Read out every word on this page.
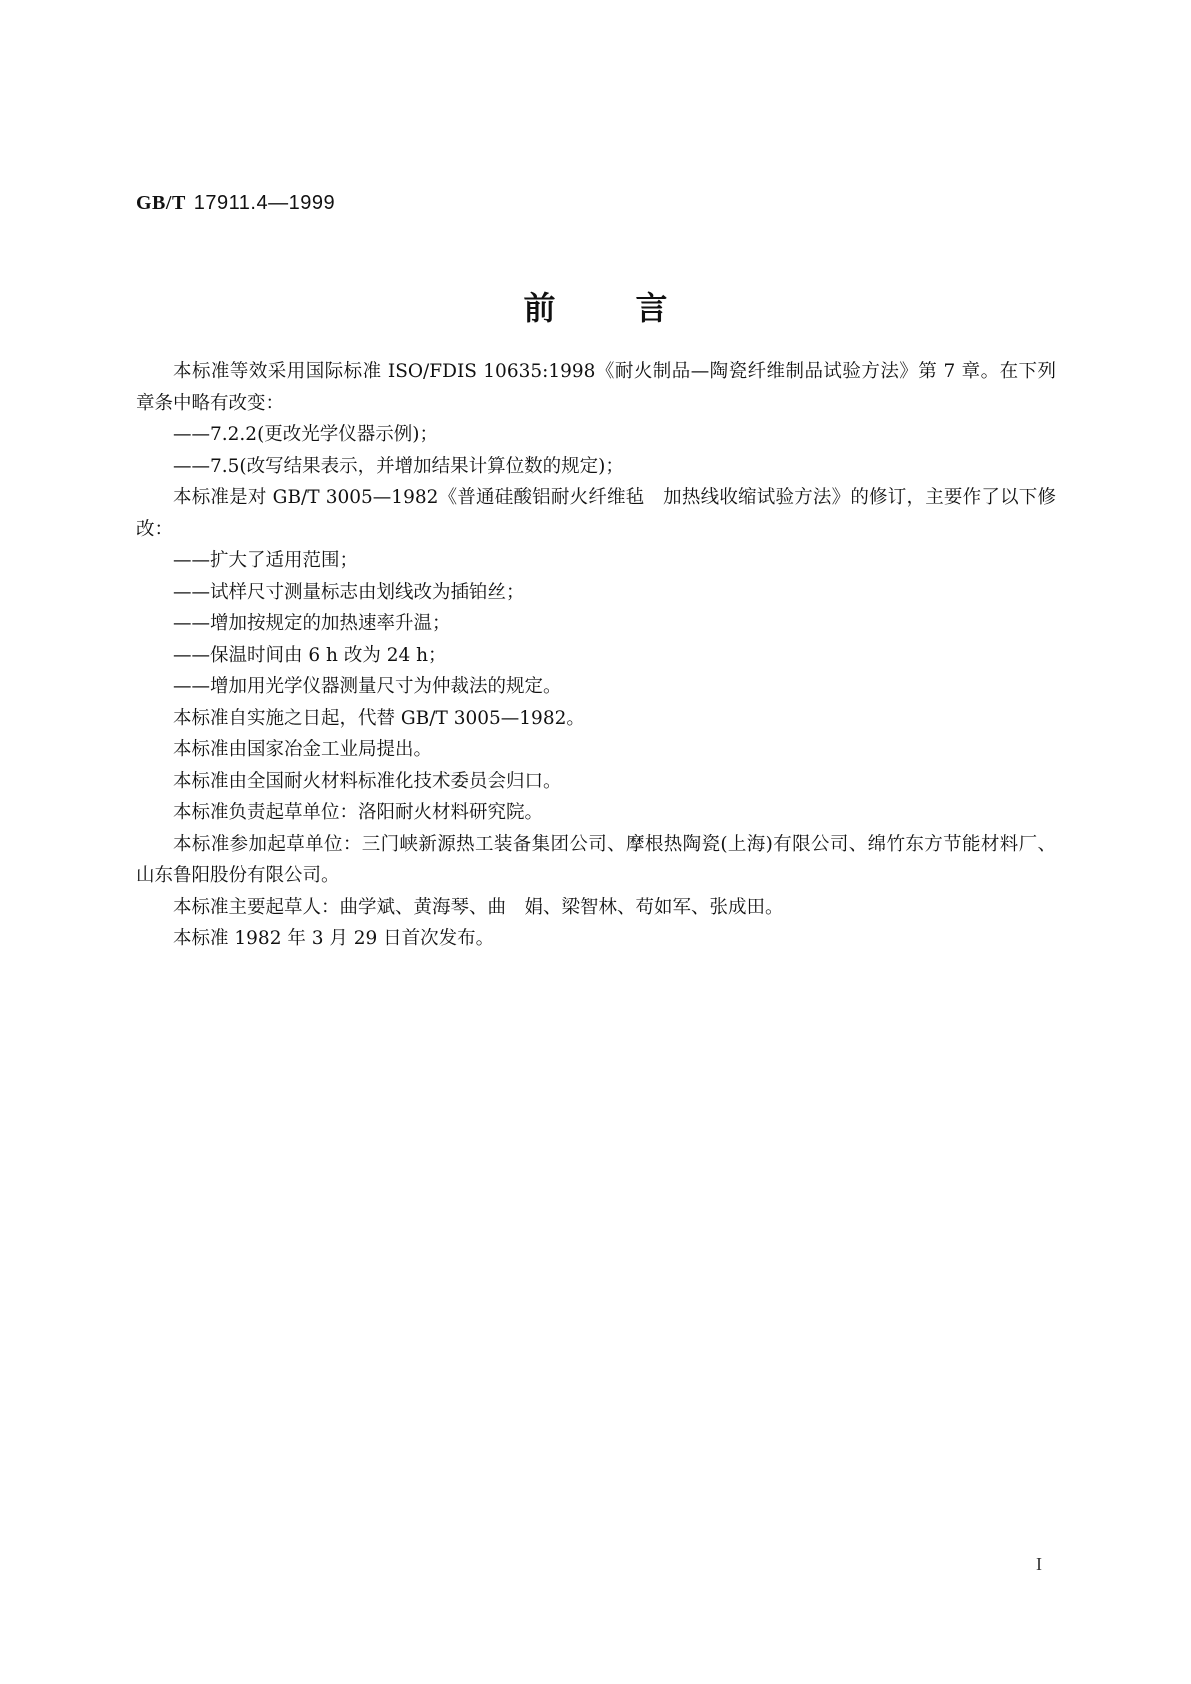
GB/T 17911.4—1999
前言

本标准等效采用国际标准 ISO/FDIS 10635:1998《耐火制品—陶瓷纤维制品试验方法》第 7 章。在下列章条中略有改变：

——7.2.2(更改光学仪器示例)；

——7.5(改写结果表示，并增加结果计算位数的规定)；

本标准是对 GB/T 3005—1982《普通硅酸铝耐火纤维毡　加热线收缩试验方法》的修订，主要作了以下修改：

——扩大了适用范围；

——试样尺寸测量标志由划线改为插铂丝；

——增加按规定的加热速率升温；

——保温时间由 6 h 改为 24 h；

——增加用光学仪器测量尺寸为仲裁法的规定。

本标准自实施之日起，代替 GB/T 3005—1982。

本标准由国家冶金工业局提出。

本标准由全国耐火材料标准化技术委员会归口。

本标准负责起草单位：洛阳耐火材料研究院。

本标准参加起草单位：三门峡新源热工装备集团公司、摩根热陶瓷(上海)有限公司、绵竹东方节能材料厂、山东鲁阳股份有限公司。

本标准主要起草人：曲学斌、黄海琴、曲　娟、梁智林、苟如军、张成田。

本标准 1982 年 3 月 29 日首次发布。

I
